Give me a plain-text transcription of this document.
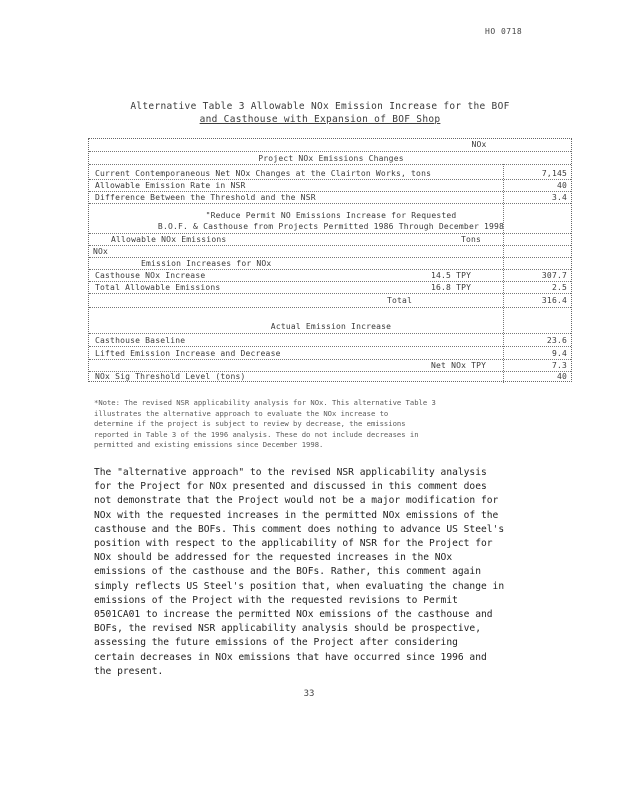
HO 0718
Alternative Table 3 Allowable NOx Emission Increase for the BOF
and Casthouse with Expansion of BOF Shop
NOx
Project NOx Emissions Changes
Current Contemporaneous Net NOx Changes at the Clairton Works, tons	7,145
Allowable Emission Rate in NSR	40
Difference Between the Threshold and the NSR	3.4
"Reduce Permit NO Emissions Increase for Requested
B.O.F. & Casthouse from Projects Permitted 1986 Through December 1998
Allowable NOx Emissions	Tons
NOx
Emission Increases for NOx
Casthouse NOx Increase	14.5 TPY	307.7
Total Allowable Emissions	16.8 TPY	2.5
Total	316.4
Actual Emission Increase
Casthouse Baseline	23.6
Lifted Emission Increase and Decrease	9.4
Net NOx TPY	7.3
NOx Sig Threshold Level (tons)	40

*Note: The revised NSR applicability analysis for NOx. This alternative Table 3

illustrates the alternative approach to evaluate the NOx increase to

determine if the project is subject to review by decrease, the emissions

reported in Table 3 of the 1996 analysis. These do not include decreases in

permitted and existing emissions since December 1998.

The "alternative approach" to the revised NSR applicability analysis

for the Project for NOx presented and discussed in this comment does

not demonstrate that the Project would not be a major modification for

NOx with the requested increases in the permitted NOx emissions of the

casthouse and the BOFs. This comment does nothing to advance US Steel's

position with respect to the applicability of NSR for the Project for

NOx should be addressed for the requested increases in the NOx

emissions of the casthouse and the BOFs. Rather, this comment again

simply reflects US Steel's position that, when evaluating the change in

emissions of the Project with the requested revisions to Permit

0501CA01 to increase the permitted NOx emissions of the casthouse and

BOFs, the revised NSR applicability analysis should be prospective,

assessing the future emissions of the Project after considering

certain decreases in NOx emissions that have occurred since 1996 and

the present.

33
